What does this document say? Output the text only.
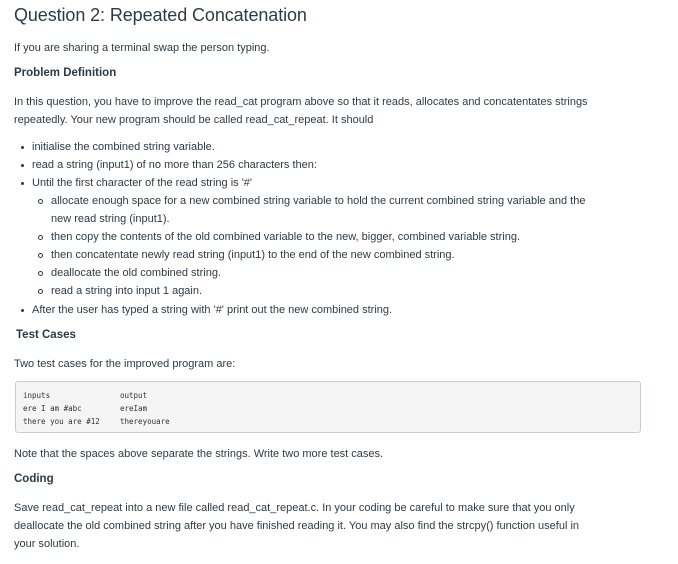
Question 2: Repeated Concatenation
If you are sharing a terminal swap the person typing.
Problem Definition
In this question, you have to improve the read_cat program above so that it reads, allocates and concatentates strings
repeatedly. Your new program should be called read_cat_repeat. It should
initialise the combined string variable.
read a string (input1) of no more than 256 characters then:
Until the first character of the read string is '#'
allocate enough space for a new combined string variable to hold the current combined string variable and the
new read string (input1).
then copy the contents of the old combined variable to the new, bigger, combined variable string.
then concatentate newly read string (input1) to the end of the new combined string.
deallocate the old combined string.
read a string into input 1 again.
After the user has typed a string with '#' print out the new combined string.
Test Cases
Two test cases for the improved program are:
inputs	output
ere I am #abc	ereIam
there you are #12	thereyouare
Note that the spaces above separate the strings. Write two more test cases.
Coding
Save read_cat_repeat into a new file called read_cat_repeat.c. In your coding be careful to make sure that you only
deallocate the old combined string after you have finished reading it. You may also find the strcpy() function useful in
your solution.
